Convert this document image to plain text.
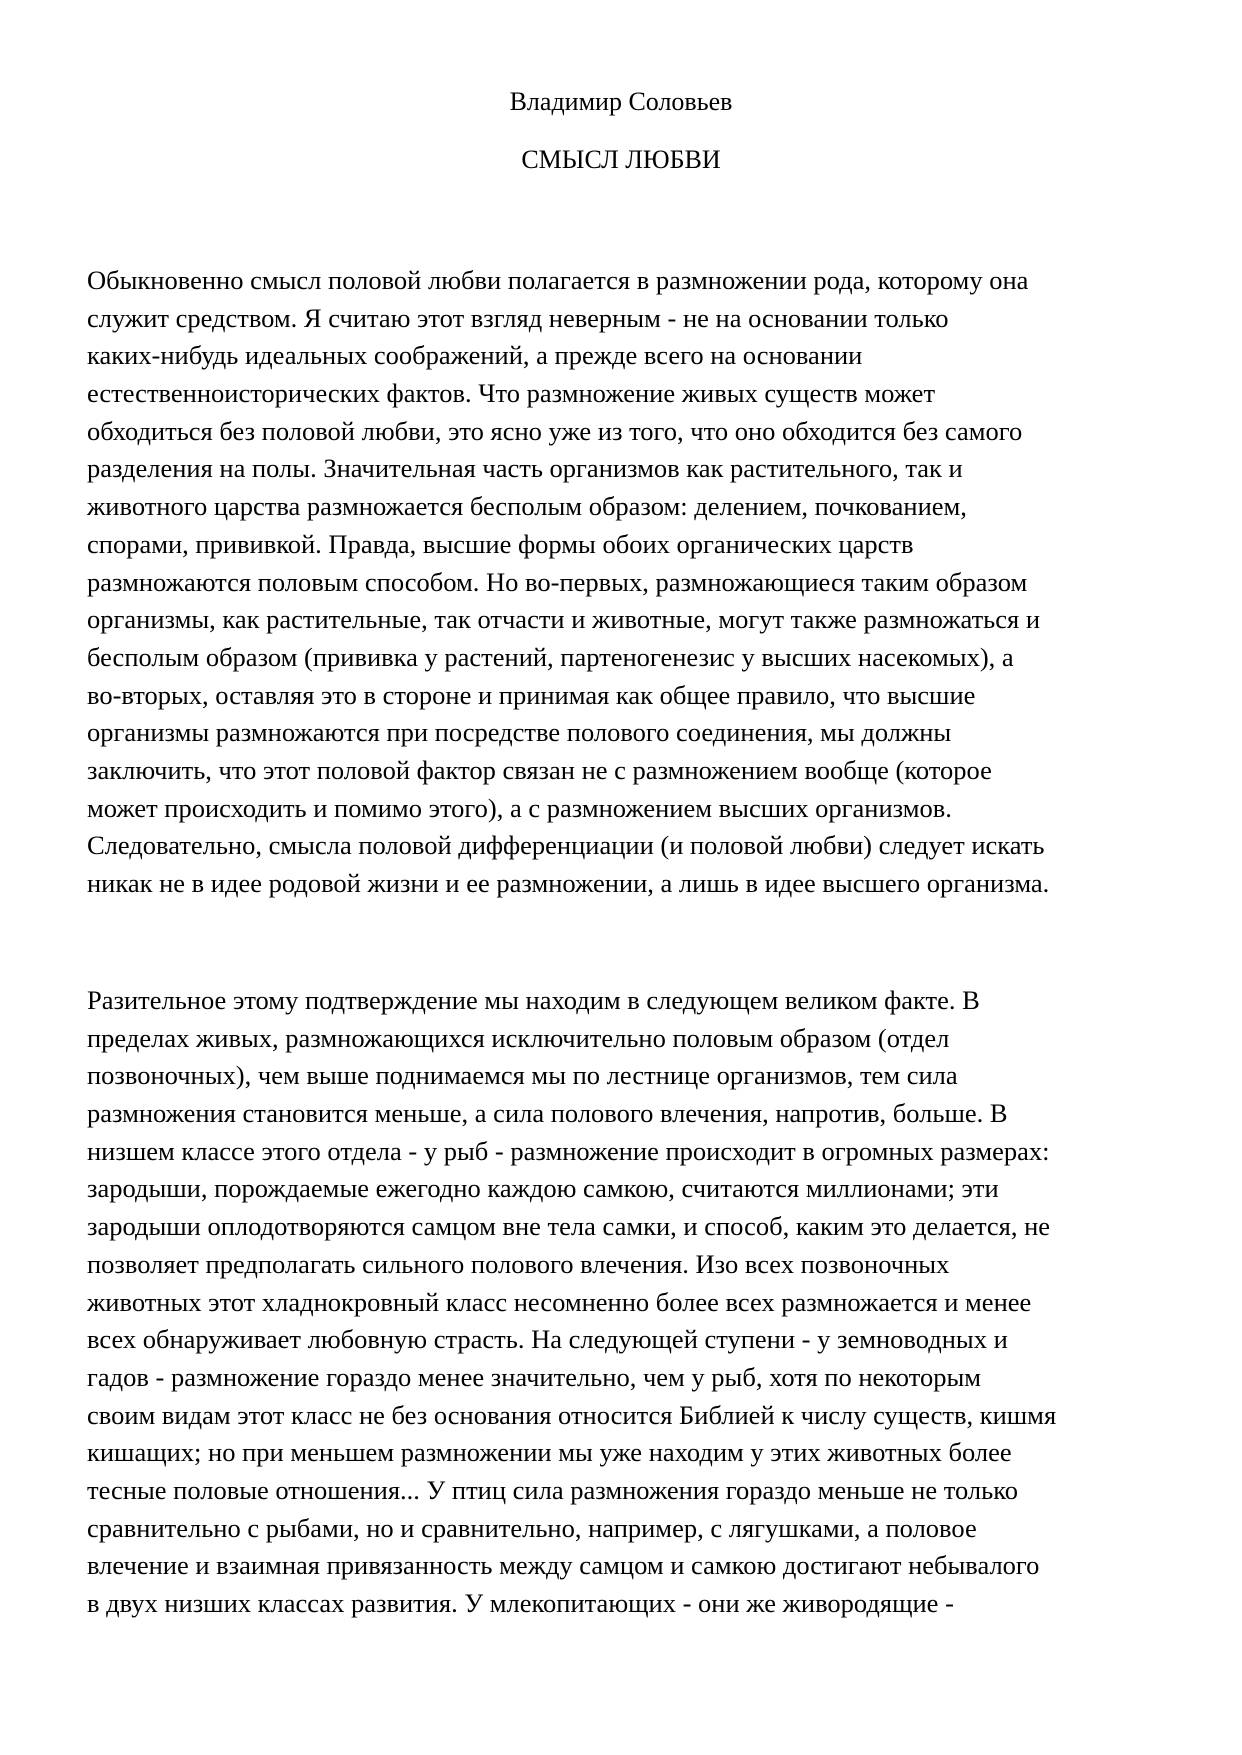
Владимир Соловьев
СМЫСЛ ЛЮБВИ
Обыкновенно смысл половой любви полагается в размножении рода, которому она
служит средством. Я считаю этот взгляд неверным - не на основании только
каких-нибудь идеальных соображений, а прежде всего на основании
естественноисторических фактов. Что размножение живых существ может
обходиться без половой любви, это ясно уже из того, что оно обходится без самого
разделения на полы. Значительная часть организмов как растительного, так и
животного царства размножается бесполым образом: делением, почкованием,
спорами, прививкой. Правда, высшие формы обоих органических царств
размножаются половым способом. Но во-первых, размножающиеся таким образом
организмы, как растительные, так отчасти и животные, могут также размножаться и
бесполым образом (прививка у растений, партеногенезис у высших насекомых), а
во-вторых, оставляя это в стороне и принимая как общее правило, что высшие
организмы размножаются при посредстве полового соединения, мы должны
заключить, что этот половой фактор связан не с размножением вообще (которое
может происходить и помимо этого), а с размножением высших организмов.
Следовательно, смысла половой дифференциации (и половой любви) следует искать
никак не в идее родовой жизни и ее размножении, а лишь в идее высшего организма.
Разительное этому подтверждение мы находим в следующем великом факте. В
пределах живых, размножающихся исключительно половым образом (отдел
позвоночных), чем выше поднимаемся мы по лестнице организмов, тем сила
размножения становится меньше, а сила полового влечения, напротив, больше. В
низшем классе этого отдела - у рыб - размножение происходит в огромных размерах:
зародыши, порождаемые ежегодно каждою самкою, считаются миллионами; эти
зародыши оплодотворяются самцом вне тела самки, и способ, каким это делается, не
позволяет предполагать сильного полового влечения. Изо всех позвоночных
животных этот хладнокровный класс несомненно более всех размножается и менее
всех обнаруживает любовную страсть. На следующей ступени - у земноводных и
гадов - размножение гораздо менее значительно, чем у рыб, хотя по некоторым
своим видам этот класс не без основания относится Библией к числу существ, кишмя
кишащих; но при меньшем размножении мы уже находим у этих животных более
тесные половые отношения... У птиц сила размножения гораздо меньше не только
сравнительно с рыбами, но и сравнительно, например, с лягушками, а половое
влечение и взаимная привязанность между самцом и самкою достигают небывалого
в двух низших классах развития. У млекопитающих - они же живородящие -
